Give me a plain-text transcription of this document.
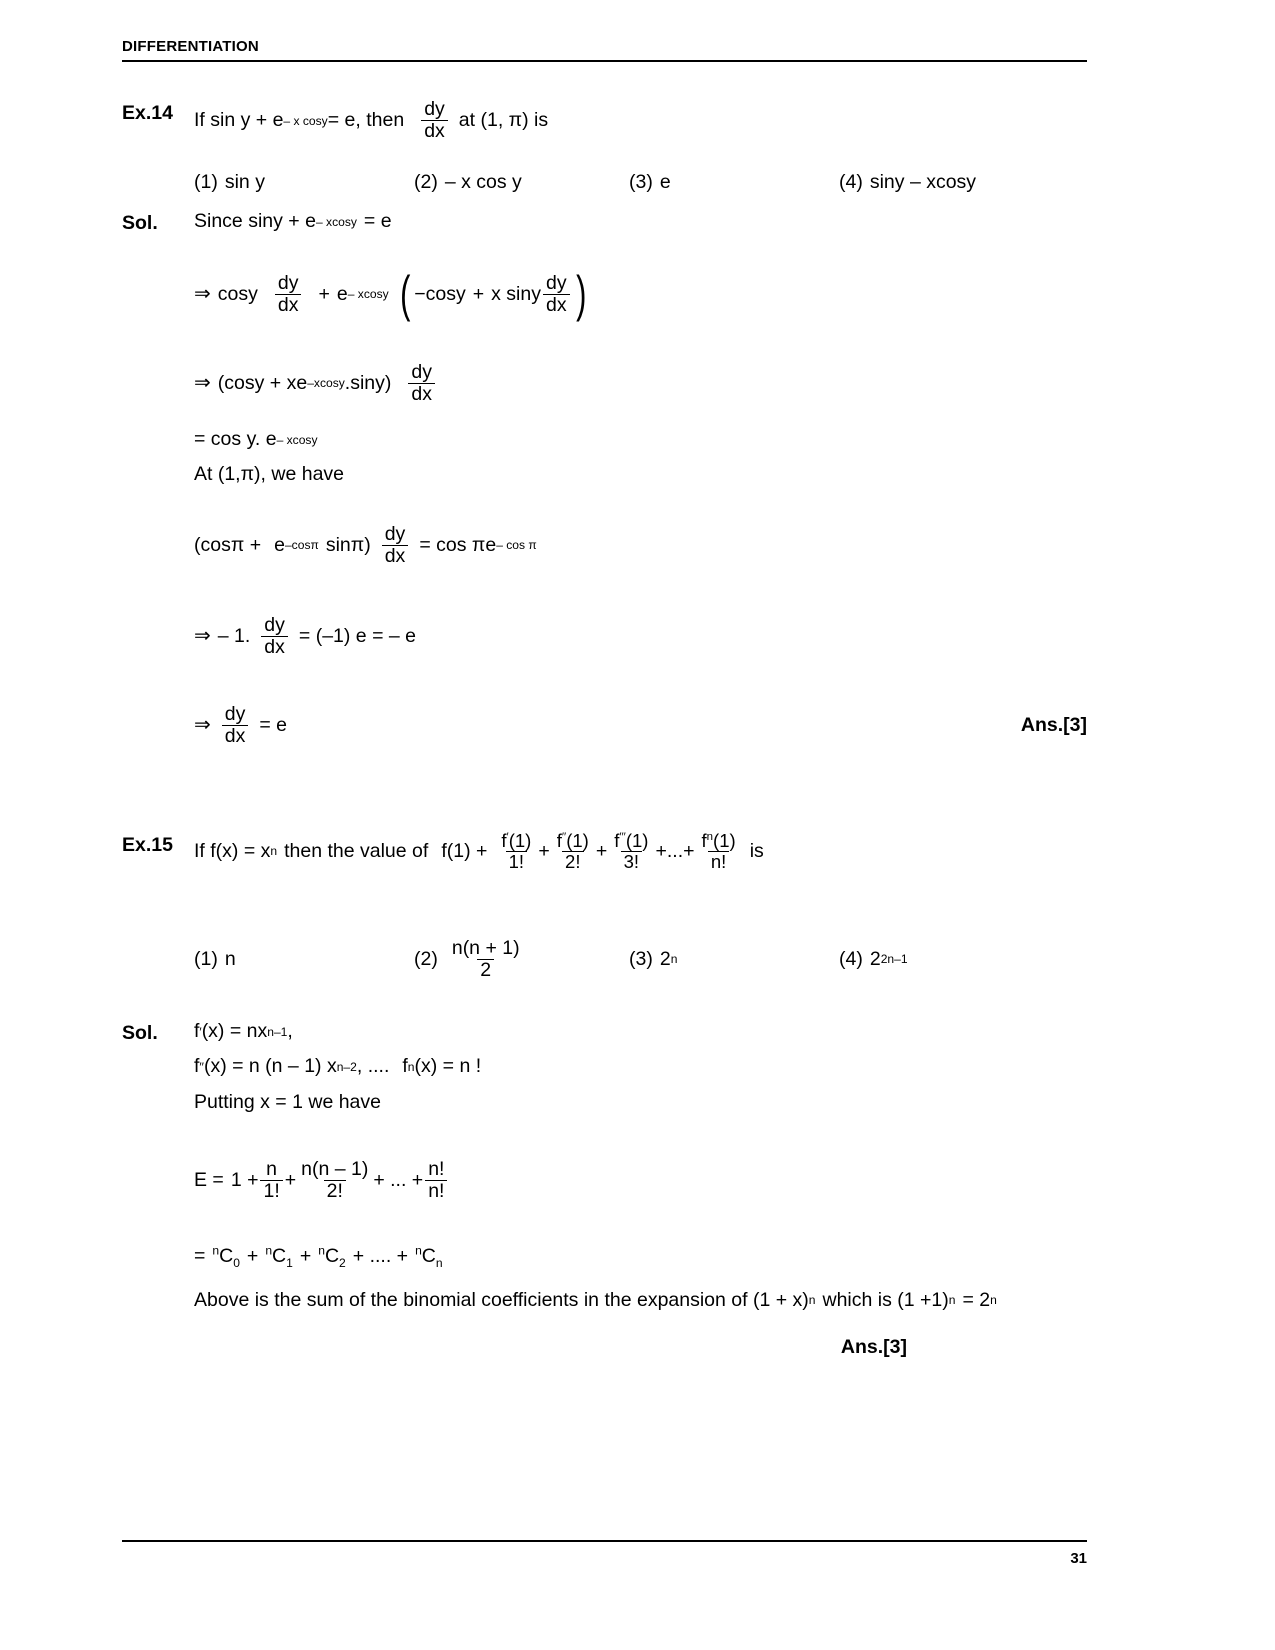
DIFFERENTIATION
Ex.14	If sin y + e – x cosy = e, then $\frac{dy}{dx}$ at (1, π) is
(1) sin y	(2) – x cos y	(3) e	(4) siny – xcosy
Sol.	Since siny + e – xcosy = e
⇒ cosy $\frac{dy}{dx} + e - xcosy$ ( −cosy + x siny $\frac{dy}{dx}$ )
⇒ (cosy + xe –xcosy $.\sin y) \frac{dy}{dx}$
= cos y. e – xcosy
At (1,π), we have
(cosπ + e –cosπ $\sin\pi) \frac{dy}{dx} = \cos \pi e - \cos \pi$
⇒ – 1. $\frac{dy}{dx} = (-1) e$ = – e
⇒ $\frac{dy}{dx} = e$	Ans.[3]
Ex.15	If f(x) = x n then the value of $f(1) + \frac{f'(1)}{1!} + \frac{f''(1)}{2!} + \frac{f'''(1)}{3!}$ +...+ $\frac{f^n(1)}{n!}$ is
(1) n	$(2) \frac{n(n + 1)}{2}$	(3) 2 n	(4) 2 2n–1
Sol.	f ′ (x) = nx n–1 ,
f ′′ (x) = n (n – 1) x n–2 , .... f n (x) = n !
Putting x = 1 we have
$E = 1 + \frac{n}{1!} + \frac{n(n - 1)}{2!}$ + ... + $\frac{n!}{n!}$
= $^nC_0 + ^nC_1 + ^nC_2$ + .... + $^nC_n$
Above is the sum of the binomial coefficients in the expansion of (1 + x) n which is (1 +1) n = 2 n
Ans.[3]
31
